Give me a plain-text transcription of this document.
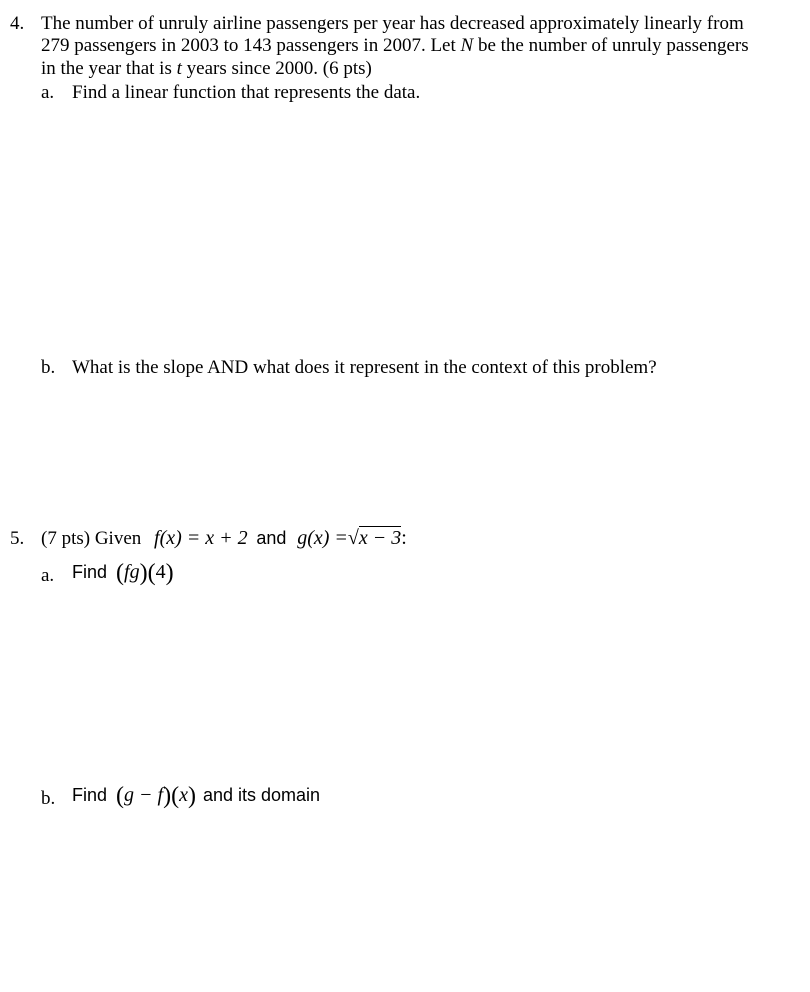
4. The number of unruly airline passengers per year has decreased approximately linearly from
279 passengers in 2003 to 143 passengers in 2007. Let N be the number of unruly passengers
in the year that is t years since 2000. (6 pts)
a. Find a linear function that represents the data.
b. What is the slope AND what does it represent in the context of this problem?
5. (7 pts) Given f(x) = x + 2 and g(x) =√x − 3:
a. Find (fg)(4)
b. Find (g − f)(x) and its domain
